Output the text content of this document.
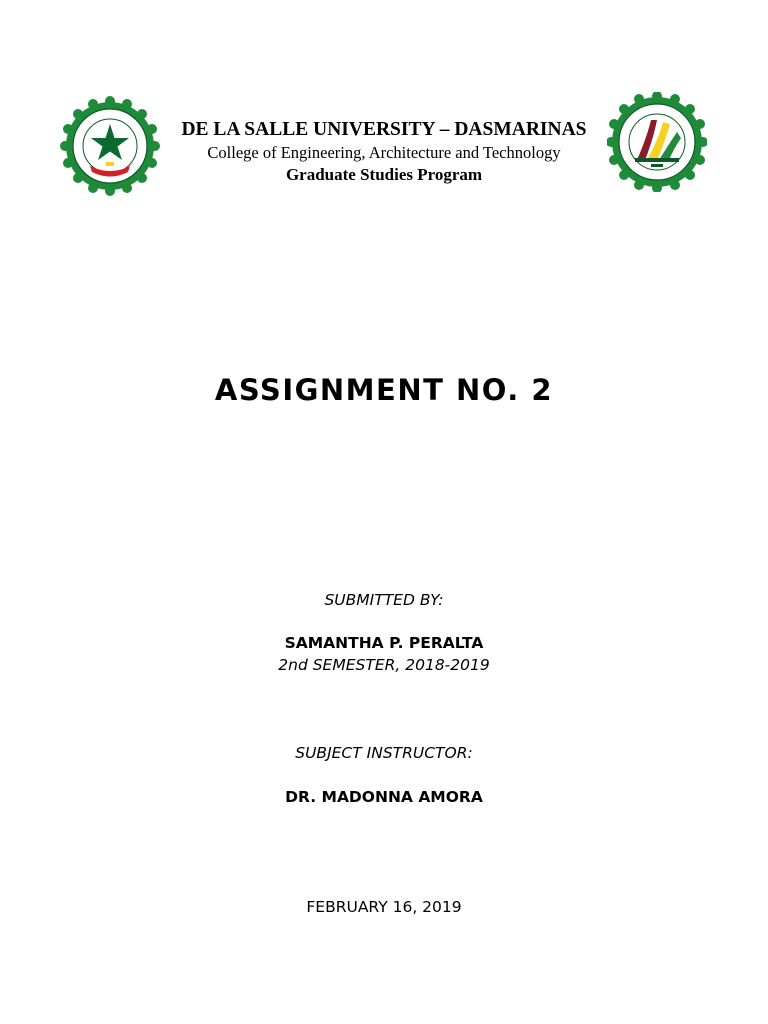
DE LA SALLE UNIVERSITY – DASMARINAS
College of Engineering, Architecture and Technology
Graduate Studies Program
ASSIGNMENT NO. 2
SUBMITTED BY:
SAMANTHA P. PERALTA
2nd SEMESTER, 2018-2019
SUBJECT INSTRUCTOR:
DR. MADONNA AMORA
FEBRUARY 16, 2019
